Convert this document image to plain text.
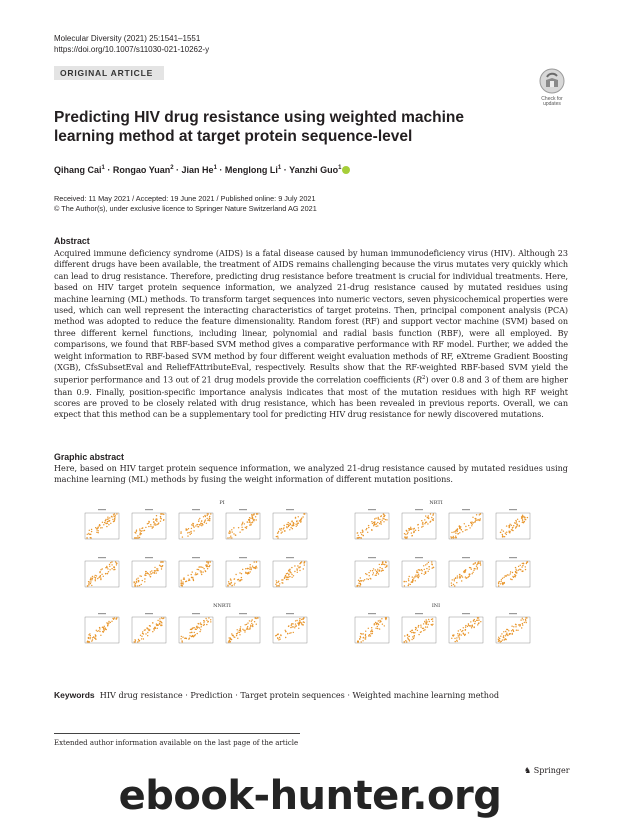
Molecular Diversity (2021) 25:1541–1551
https://doi.org/10.1007/s11030-021-10262-y
ORIGINAL ARTICLE
Check for
updates
Predicting HIV drug resistance using weighted machine learning method at target protein sequence-level
Qihang Cai$^1$ · Rongao Yuan$^2$ · Jian $He^1$ · Menglong $Li^1$ · Yanzhi Guo$^1$
Received: 11 May 2021 / Accepted: 19 June 2021 / Published online: 9 July 2021
© The Author(s), under exclusive licence to Springer Nature Switzerland AG 2021
Abstract

Acquired immune deficiency syndrome (AIDS) is a fatal disease caused by human immunodeficiency virus (HIV). Although 23 different drugs have been available, the treatment of AIDS remains challenging because the virus mutates very quickly which can lead to drug resistance. Therefore, predicting drug resistance before treatment is crucial for individual treatments. Here, based on HIV target protein sequence information, we analyzed 21-drug resistance caused by mutated residues using machine learning (ML) methods. To transform target sequences into numeric vectors, seven physicochemical properties were used, which can well represent the interacting characteristics of target proteins. Then, principal component analysis (PCA) method was adopted to reduce the feature dimensionality. Random forest (RF) and support vector machine (SVM) based on three different kernel functions, including linear, polynomial and radial basis function (RBF), were all employed. By comparisons, we found that RBF-based SVM method gives a comparative performance with RF model. Further, we added the weight information to RBF-based SVM method by four different weight evaluation methods of RF, eXtreme Gradient Boosting (XGB), CfsSubsetEval and ReliefFAttributeEval, respectively. Results show that the RF-weighted RBF-based SVM yield the superior performance and 13 out of 21 drug models provide the correlation coefficients $(R^2)$ over 0.8 and 3 of them are higher than 0.9. Finally, position-specific importance analysis indicates that most of the mutation residues with high RF weight scores are proved to be closely related with drug resistance, which has been revealed in previous reports. Overall, we can expect that this method can be a supplementary tool for predicting HIV drug resistance for newly discovered mutations.

Graphic abstract

Here, based on HIV target protein sequence information, we analyzed 21-drug resistance caused by mutated residues using machine learning (ML) methods by fusing the weight information of different mutation positions.

PI	NRTI
NNRTI	INI
Keywords HIV drug resistance · Prediction · Target protein sequences · Weighted machine learning method
Extended author information available on the last page of the article
♞ Springer
ebook-hunter.org
